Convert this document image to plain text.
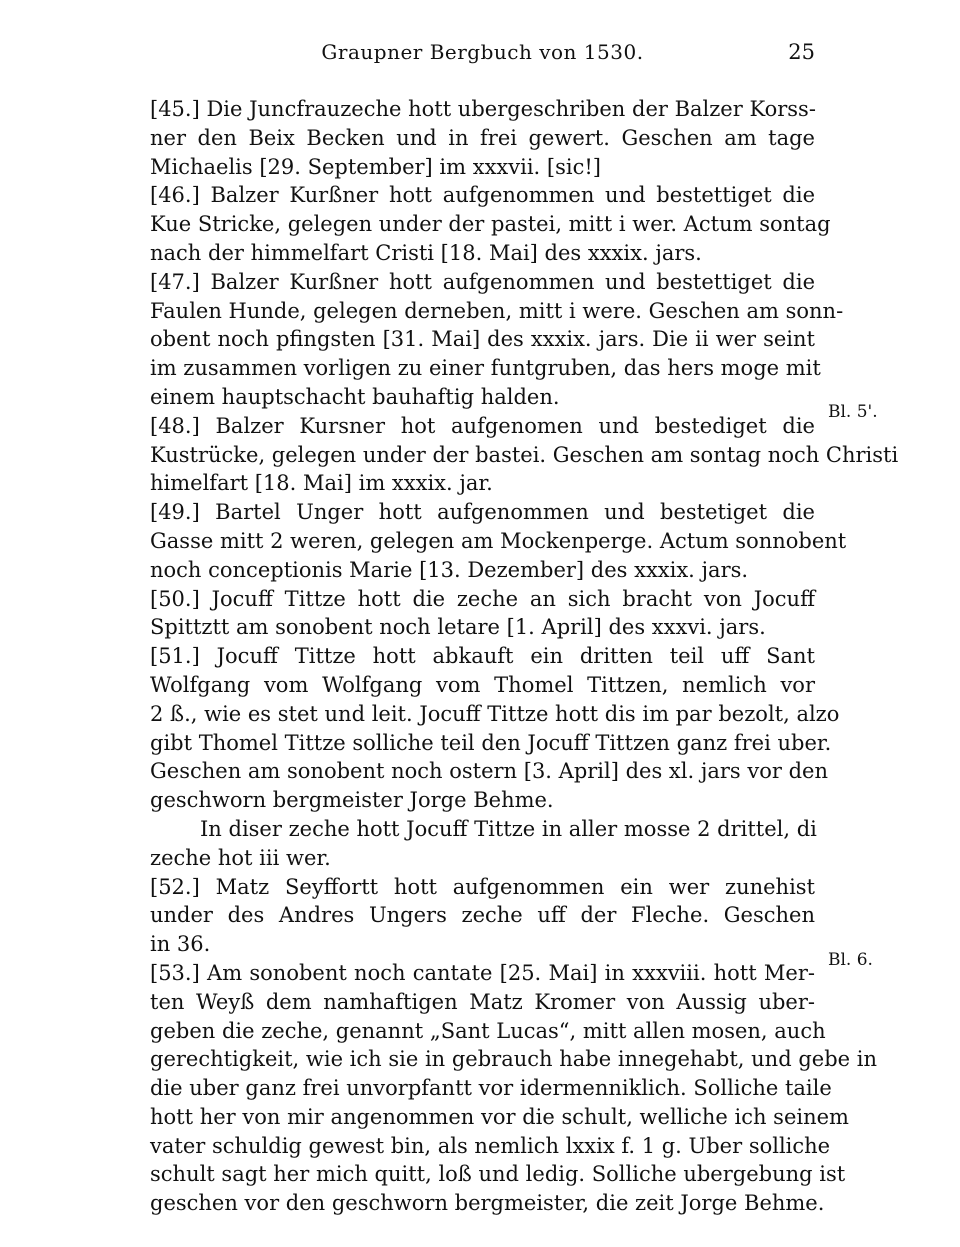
Graupner Bergbuch von 1530.	25
Bl. 5'.
Bl. 6.
[45.] Die Juncfrauzeche hott ubergeschriben der Balzer Korss-
ner den Beix Becken und in frei gewert. Geschen am tage
Michaelis [29. September] im xxxvii. [sic!]
[46.] Balzer Kurßner hott aufgenommen und bestettiget die
Kue Stricke, gelegen under der pastei, mitt i wer. Actum sontag
nach der himmelfart Cristi [18. Mai] des xxxix. jars.
[47.] Balzer Kurßner hott aufgenommen und bestettiget die
Faulen Hunde, gelegen derneben, mitt i were. Geschen am sonn-
obent noch pfingsten [31. Mai] des xxxix. jars. Die ii wer seint
im zusammen vorligen zu einer funtgruben, das hers moge mit
einem hauptschacht bauhaftig halden.
[48.] Balzer Kursner hot aufgenomen und bestediget die
Kustrücke, gelegen under der bastei. Geschen am sontag noch Christi
himelfart [18. Mai] im xxxix. jar.
[49.] Bartel Unger hott aufgenommen und bestetiget die
Gasse mitt 2 weren, gelegen am Mockenperge. Actum sonnobent
noch conceptionis Marie [13. Dezember] des xxxix. jars.
[50.] Jocuff Tittze hott die zeche an sich bracht von Jocuff
Spittztt am sonobent noch letare [1. April] des xxxvi. jars.
[51.] Jocuff Tittze hott abkauft ein dritten teil uff Sant
Wolfgang vom Wolfgang vom Thomel Tittzen, nemlich vor
2 ß., wie es stet und leit. Jocuff Tittze hott dis im par bezolt, alzo
gibt Thomel Tittze solliche teil den Jocuff Tittzen ganz frei uber.
Geschen am sonobent noch ostern [3. April] des xl. jars vor den
geschworn bergmeister Jorge Behme.
In diser zeche hott Jocuff Tittze in aller mosse 2 drittel, di
zeche hot iii wer.
[52.] Matz Seyffortt hott aufgenommen ein wer zunehist
under des Andres Ungers zeche uff der Fleche. Geschen
in 36.
[53.] Am sonobent noch cantate [25. Mai] in xxxviii. hott Mer-
ten Weyß dem namhaftigen Matz Kromer von Aussig uber-
geben die zeche, genannt „Sant Lucas“, mitt allen mosen, auch
gerechtigkeit, wie ich sie in gebrauch habe innegehabt, und gebe in
die uber ganz frei unvorpfantt vor idermenniklich. Solliche taile
hott her von mir angenommen vor die schult, welliche ich seinem
vater schuldig gewest bin, als nemlich lxxix f. 1 g. Uber solliche
schult sagt her mich quitt, loß und ledig. Solliche ubergebung ist
geschen vor den geschworn bergmeister, die zeit Jorge Behme.
